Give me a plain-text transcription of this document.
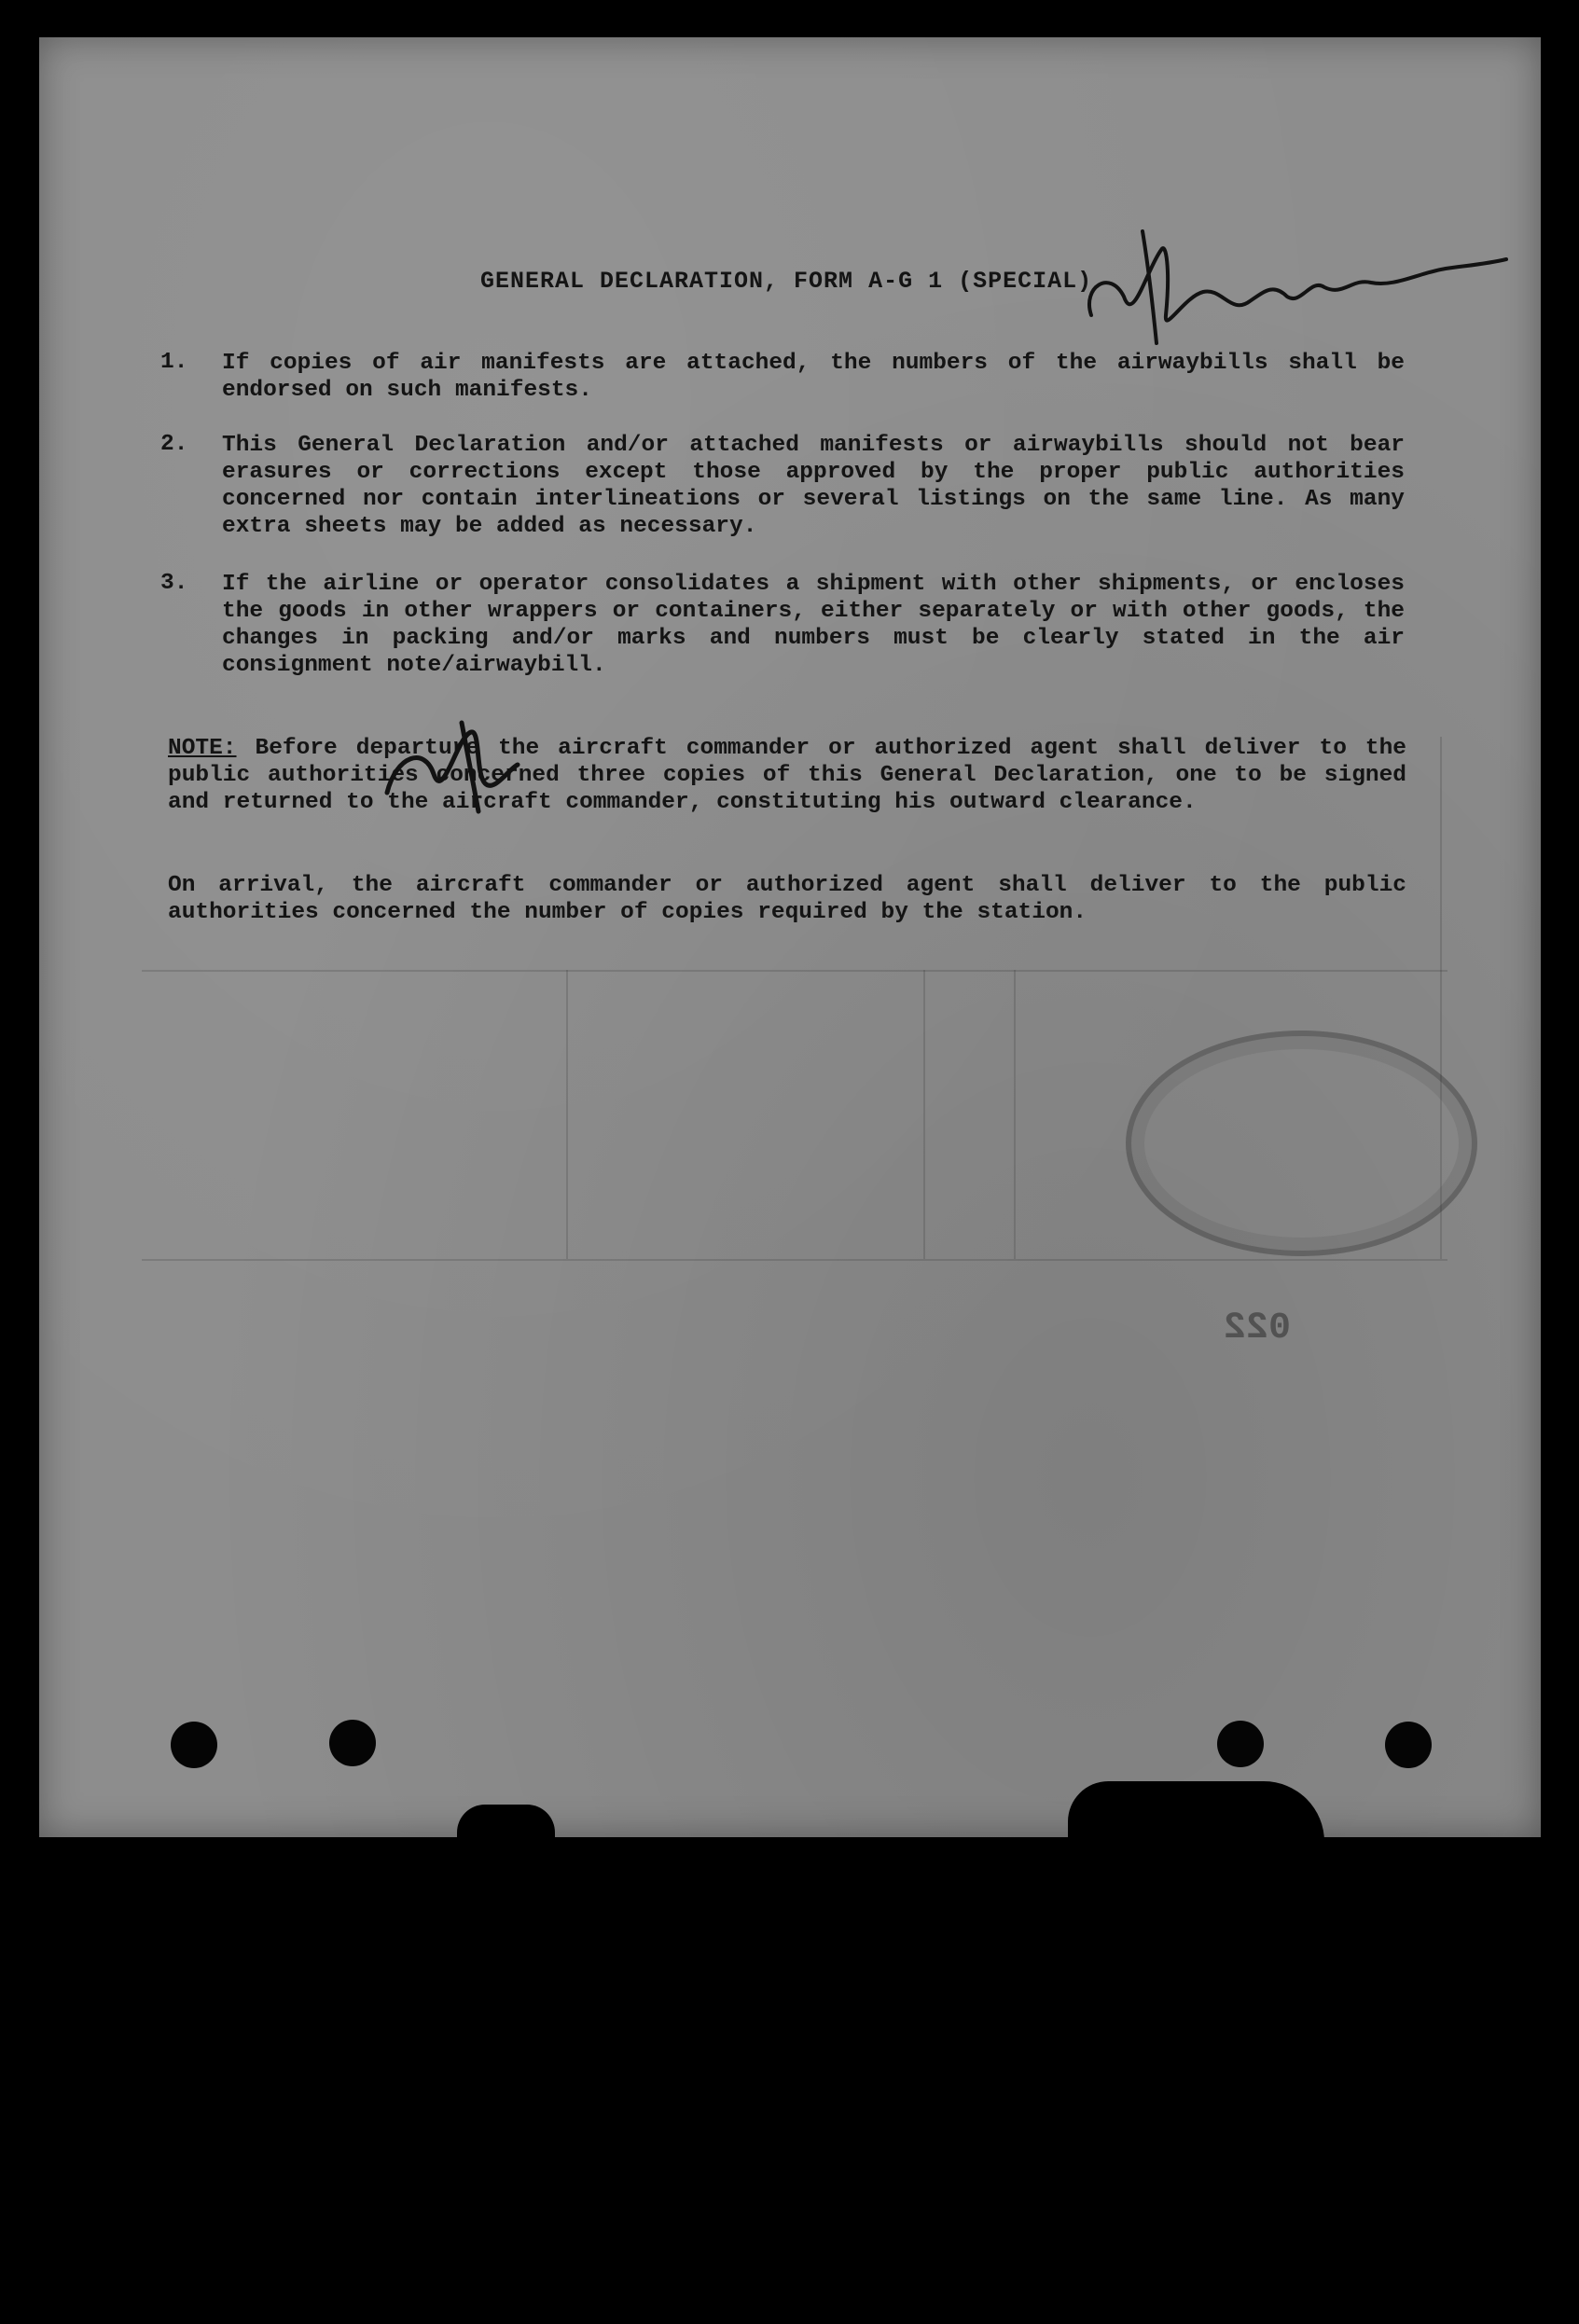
022
GENERAL DECLARATION, FORM A-G 1 (SPECIAL)
1. If copies of air manifests are attached, the numbers of the airwaybills shall be endorsed on such manifests.
2. This General Declaration and/or attached manifests or airwaybills should not bear erasures or corrections except those approved by the proper public authorities concerned nor contain interlineations or several listings on the same line. As many extra sheets may be added as necessary.
3. If the airline or operator consolidates a shipment with other shipments, or encloses the goods in other wrappers or containers, either separately or with other goods, the changes in packing and/or marks and numbers must be clearly stated in the air consignment note/airwaybill.
NOTE: Before departure the aircraft commander or authorized agent shall deliver to the public authorities concerned three copies of this General Declaration, one to be signed and returned to the aircraft commander, constituting his outward clearance.
On arrival, the aircraft commander or authorized agent shall deliver to the public authorities concerned the number of copies required by the station.
